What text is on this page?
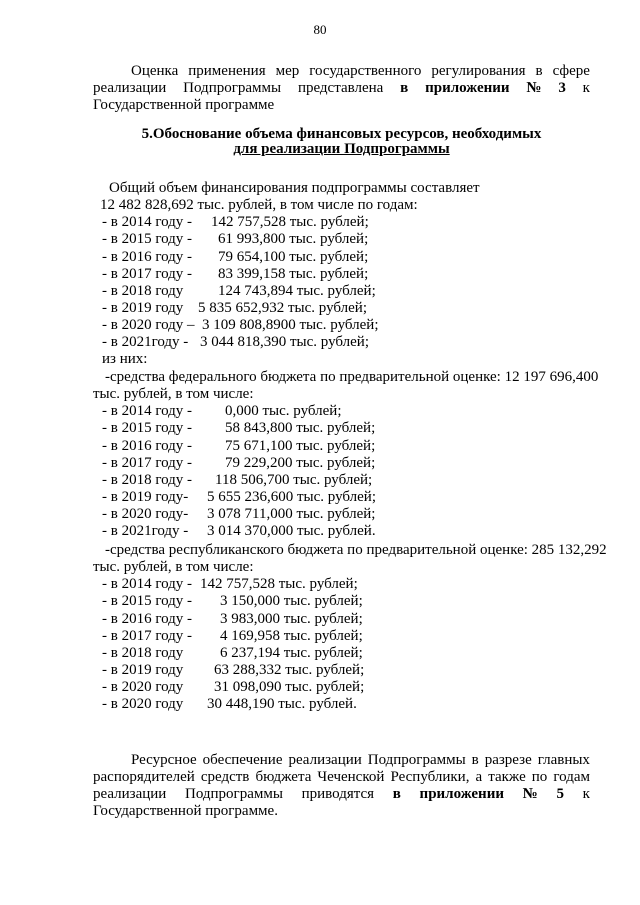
80
Оценка применения мер государственного регулирования в сфере
реализации Подпрограммы представлена в приложении № 3 к
Государственной программе
5.Обоснование объема финансовых ресурсов, необходимых
для реализации Подпрограммы
Общий объем финансирования подпрограммы составляет
12 482 828,692 тыс. рублей, в том числе по годам:
- в 2014 году - 142 757,528 тыс. рублей;
- в 2015 году - 61 993,800 тыс. рублей;
- в 2016 году - 79 654,100 тыс. рублей;
- в 2017 году - 83 399,158 тыс. рублей;
- в 2018 году 124 743,894 тыс. рублей;
- в 2019 году 5 835 652,932 тыс. рублей;
- в 2020 году – 3 109 808,8900 тыс. рублей;
- в 2021году - 3 044 818,390 тыс. рублей;
из них:
-средства федерального бюджета по предварительной оценке: 12 197 696,400
тыс. рублей, в том числе:
- в 2014 году - 0,000 тыс. рублей;
- в 2015 году - 58 843,800 тыс. рублей;
- в 2016 году - 75 671,100 тыс. рублей;
- в 2017 году - 79 229,200 тыс. рублей;
- в 2018 году - 118 506,700 тыс. рублей;
- в 2019 году- 5 655 236,600 тыс. рублей;
- в 2020 году- 3 078 711,000 тыс. рублей;
- в 2021году - 3 014 370,000 тыс. рублей.
-средства республиканского бюджета по предварительной оценке: 285 132,292
тыс. рублей, в том числе:
- в 2014 году - 142 757,528 тыс. рублей;
- в 2015 году - 3 150,000 тыс. рублей;
- в 2016 году - 3 983,000 тыс. рублей;
- в 2017 году - 4 169,958 тыс. рублей;
- в 2018 году 6 237,194 тыс. рублей;
- в 2019 году 63 288,332 тыс. рублей;
- в 2020 году 31 098,090 тыс. рублей;
- в 2020 году 30 448,190 тыс. рублей.
Ресурсное обеспечение реализации Подпрограммы в разрезе главных
распорядителей средств бюджета Чеченской Республики, а также по годам
реализации Подпрограммы приводятся в приложении № 5 к
Государственной программе.
